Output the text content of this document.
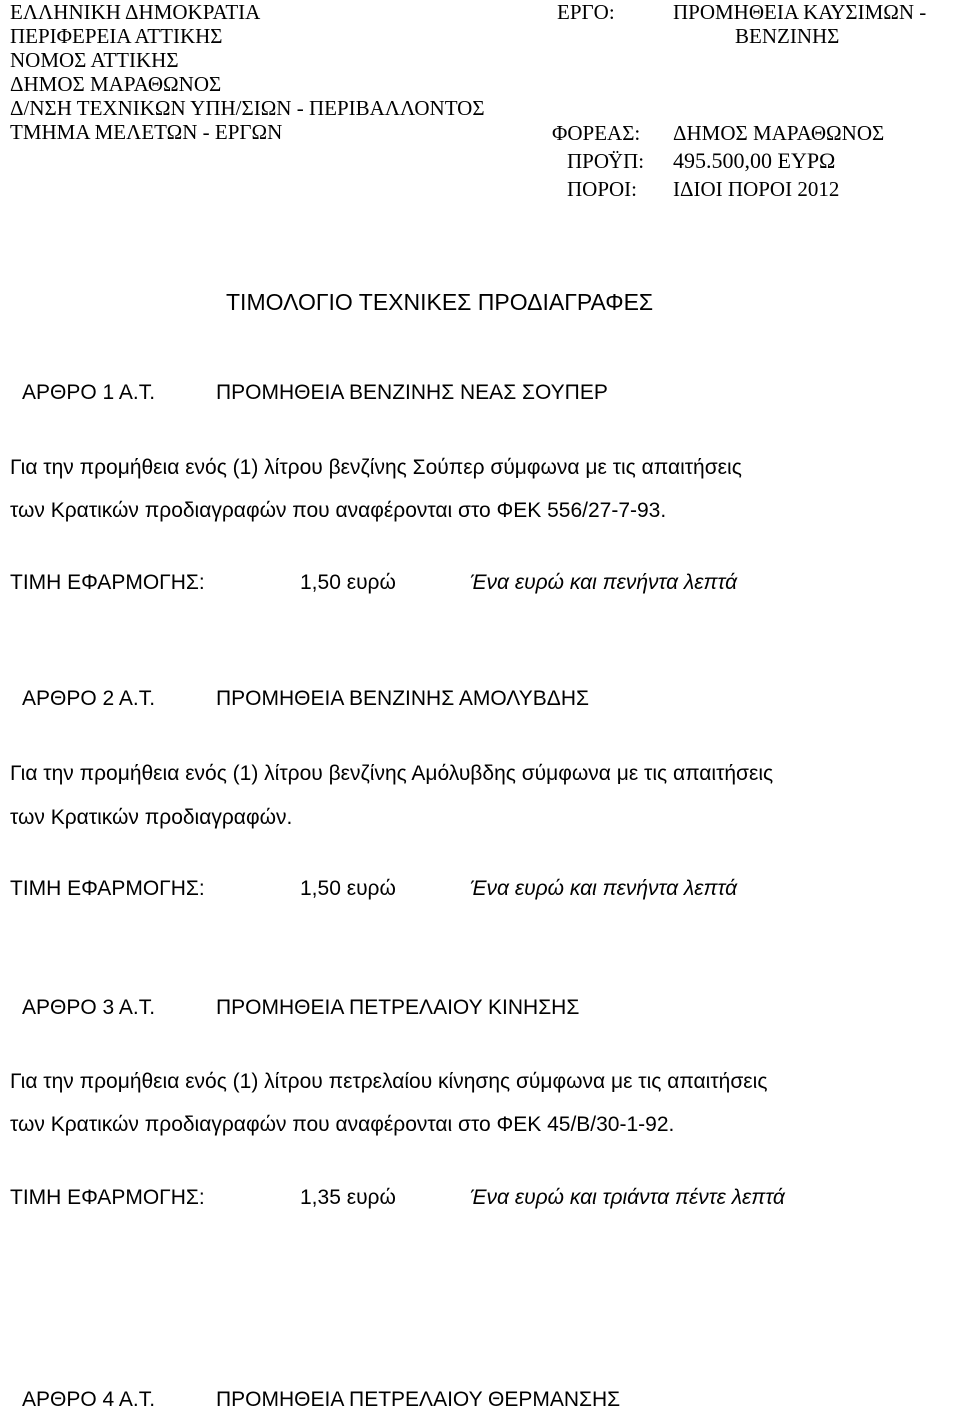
ΕΛΛΗΝΙΚΗ ΔΗΜΟΚΡΑΤΙΑ
ΠΕΡΙΦΕΡΕΙΑ ΑΤΤΙΚΗΣ
ΝΟΜΟΣ ΑΤΤΙΚΗΣ
ΔΗΜΟΣ ΜΑΡΑΘΩΝΟΣ
Δ/ΝΣΗ ΤΕΧΝΙΚΩΝ ΥΠΗ/ΣΙΩΝ - ΠΕΡΙΒΑΛΛΟΝΤΟΣ
ΤΜΗΜΑ ΜΕΛΕΤΩΝ - ΕΡΓΩΝ
ΕΡΓΟ:	ΠΡΟΜΗΘΕΙΑ ΚΑΥΣΙΜΩΝ -
ΒΕΝΖΙΝΗΣ
ΦΟΡΕΑΣ: ΔΗΜΟΣ ΜΑΡΑΘΩΝΟΣ
ΠΡΟΫΠ: 495.500,00 ΕΥΡΩ
ΠΟΡΟΙ: ΙΔΙΟΙ ΠΟΡΟΙ 2012
ΤΙΜΟΛΟΓΙΟ ΤΕΧΝΙΚΕΣ ΠΡΟΔΙΑΓΡΑΦΕΣ
ΑΡΘΡΟ 1 Α.Τ.	ΠΡΟΜΗΘΕΙΑ ΒΕΝΖΙΝΗΣ ΝΕΑΣ ΣΟΥΠΕΡ
Για την προμήθεια ενός (1) λίτρου βενζίνης Σούπερ σύμφωνα με τις απαιτήσεις
των Κρατικών προδιαγραφών που αναφέρονται στο ΦΕΚ 556/27-7-93.
ΤΙΜΗ ΕΦΑΡΜΟΓΗΣ:	1,50 ευρώ	Ένα ευρώ και πενήντα λεπτά
ΑΡΘΡΟ 2 Α.Τ.	ΠΡΟΜΗΘΕΙΑ ΒΕΝΖΙΝΗΣ ΑΜΟΛΥΒΔΗΣ
Για την προμήθεια ενός (1) λίτρου βενζίνης Αμόλυβδης σύμφωνα με τις απαιτήσεις
των Κρατικών προδιαγραφών.
ΤΙΜΗ ΕΦΑΡΜΟΓΗΣ:	1,50 ευρώ	Ένα ευρώ και πενήντα λεπτά
ΑΡΘΡΟ 3 Α.Τ.	ΠΡΟΜΗΘΕΙΑ ΠΕΤΡΕΛΑΙΟΥ ΚΙΝΗΣΗΣ
Για την προμήθεια ενός (1) λίτρου πετρελαίου κίνησης σύμφωνα με τις απαιτήσεις
των Κρατικών προδιαγραφών που αναφέρονται στο ΦΕΚ 45/Β/30-1-92.
ΤΙΜΗ ΕΦΑΡΜΟΓΗΣ:	1,35 ευρώ	Ένα ευρώ και τριάντα πέντε λεπτά
ΑΡΘΡΟ 4 Α.Τ.	ΠΡΟΜΗΘΕΙΑ ΠΕΤΡΕΛΑΙΟΥ ΘΕΡΜΑΝΣΗΣ
